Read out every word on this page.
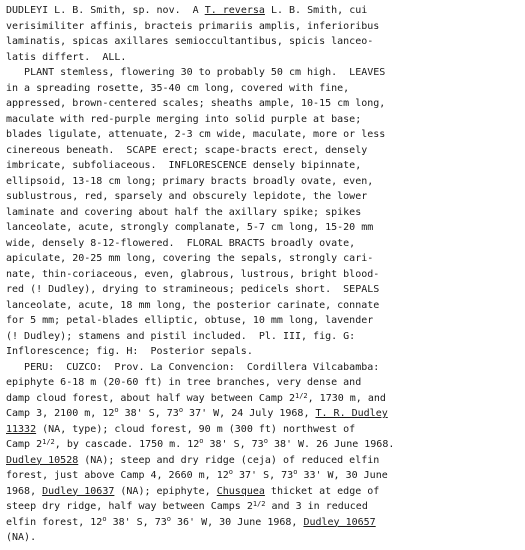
DUDLEYI L. B. Smith, sp. nov.  A T. reversa L. B. Smith, cui

verisimiliter affinis, bracteis primariis amplis, inferioribus

laminatis, spicas axillares semioccultantibus, spicis lanceo-

latis differt.  ALL.

PLANT stemless, flowering 30 to probably 50 cm high.  LEAVES

in a spreading rosette, 35-40 cm long, covered with fine,

appressed, brown-centered scales; sheaths ample, 10-15 cm long,

maculate with red-purple merging into solid purple at base;

blades ligulate, attenuate, 2-3 cm wide, maculate, more or less

cinereous beneath.  SCAPE erect; scape-bracts erect, densely

imbricate, subfoliaceous.  INFLORESCENCE densely bipinnate,

ellipsoid, 13-18 cm long; primary bracts broadly ovate, even,

sublustrous, red, sparsely and obscurely lepidote, the lower

laminate and covering about half the axillary spike; spikes

lanceolate, acute, strongly complanate, 5-7 cm long, 15-20 mm

wide, densely 8-12-flowered.  FLORAL BRACTS broadly ovate,

apiculate, 20-25 mm long, covering the sepals, strongly cari-

nate, thin-coriaceous, even, glabrous, lustrous, bright blood-

red (! Dudley), drying to stramineous; pedicels short.  SEPALS

lanceolate, acute, 18 mm long, the posterior carinate, connate

for 5 mm; petal-blades elliptic, obtuse, 10 mm long, lavender

(! Dudley); stamens and pistil included.  Pl. III, fig. G:

Inflorescence; fig. H:  Posterior sepals.

PERU:  CUZCO:  Prov. La Convencion:  Cordillera Vilcabamba:

epiphyte 6-18 m (20-60 ft) in tree branches, very dense and

damp cloud forest, about half way between Camp $2^{1/2}$, 1730 m, and

Camp 3, 2100 m, 12$^o$ 38' S, 73$^o$ 37' W, 24 July 1968, T. R. Dudley

11332 (NA, type); cloud forest, 90 m (300 ft) northwest of

Camp $2^{1/2}$, by cascade. 1750 m. 12$^o$ 38' S, 73$^o$ 38' W. 26 June 1968.

Dudley 10528 (NA); steep and dry ridge (ceja) of reduced elfin

forest, just above Camp 4, 2660 m, 12$^o$ 37' S, 73$^o$ 33' W, 30 June

1968, Dudley 10637 (NA); epiphyte, Chusquea thicket at edge of

steep dry ridge, half way between Camps $2^{1/2}$ and 3 in reduced

elfin forest, 12$^o$ 38' S, 73$^o$ 36' W, 30 June 1968, Dudley 10657

(NA).
